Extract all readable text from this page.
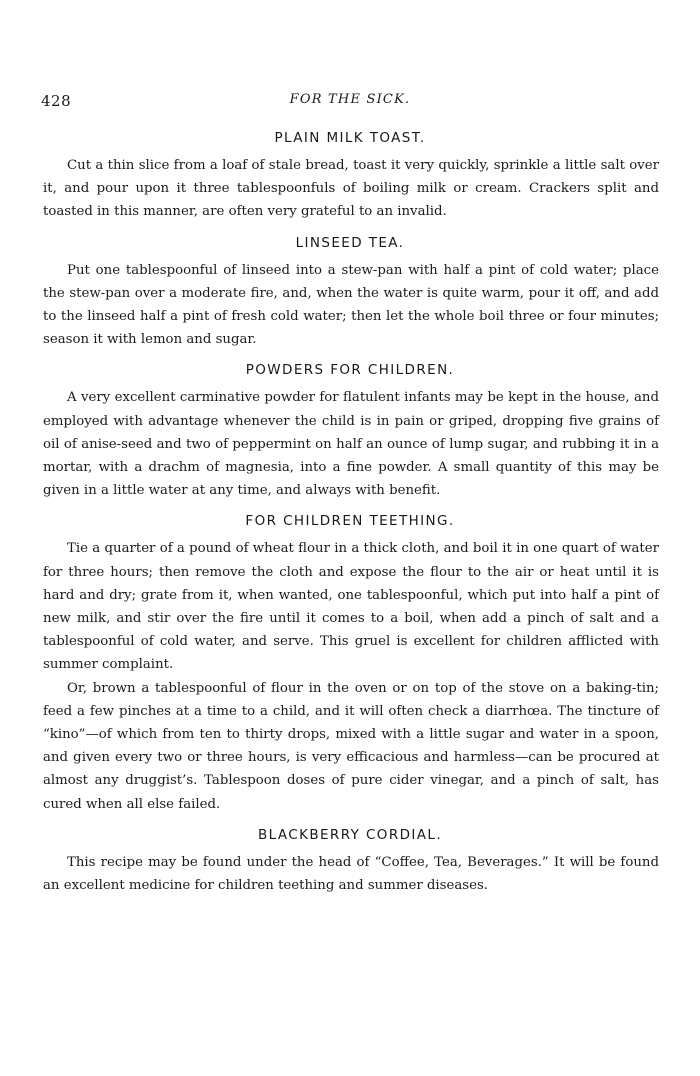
428	FOR THE SICK.
PLAIN MILK TOAST.

Cut a thin slice from a loaf of stale bread, toast it very quickly, sprinkle a little salt over it, and pour upon it three tablespoonfuls of boiling milk or cream. Crackers split and toasted in this manner, are often very grateful to an invalid.

LINSEED TEA.

Put one tablespoonful of linseed into a stew-pan with half a pint of cold water; place the stew-pan over a moderate fire, and, when the water is quite warm, pour it off, and add to the linseed half a pint of fresh cold water; then let the whole boil three or four minutes; season it with lemon and sugar.

POWDERS FOR CHILDREN.

A very excellent carminative powder for flatulent infants may be kept in the house, and employed with advantage whenever the child is in pain or griped, dropping five grains of oil of anise-seed and two of peppermint on half an ounce of lump sugar, and rubbing it in a mortar, with a drachm of magnesia, into a fine powder. A small quantity of this may be given in a little water at any time, and always with benefit.

FOR CHILDREN TEETHING.

Tie a quarter of a pound of wheat flour in a thick cloth, and boil it in one quart of water for three hours; then remove the cloth and expose the flour to the air or heat until it is hard and dry; grate from it, when wanted, one tablespoonful, which put into half a pint of new milk, and stir over the fire until it comes to a boil, when add a pinch of salt and a tablespoonful of cold water, and serve. This gruel is excellent for children afflicted with summer complaint.

Or, brown a tablespoonful of flour in the oven or on top of the stove on a baking-tin; feed a few pinches at a time to a child, and it will often check a diarrhœa. The tincture of “kino”—of which from ten to thirty drops, mixed with a little sugar and water in a spoon, and given every two or three hours, is very efficacious and harmless—can be procured at almost any druggist’s. Tablespoon doses of pure cider vinegar, and a pinch of salt, has cured when all else failed.

BLACKBERRY CORDIAL.

This recipe may be found under the head of “Coffee, Tea, Beverages.” It will be found an excellent medicine for children teething and summer diseases.
